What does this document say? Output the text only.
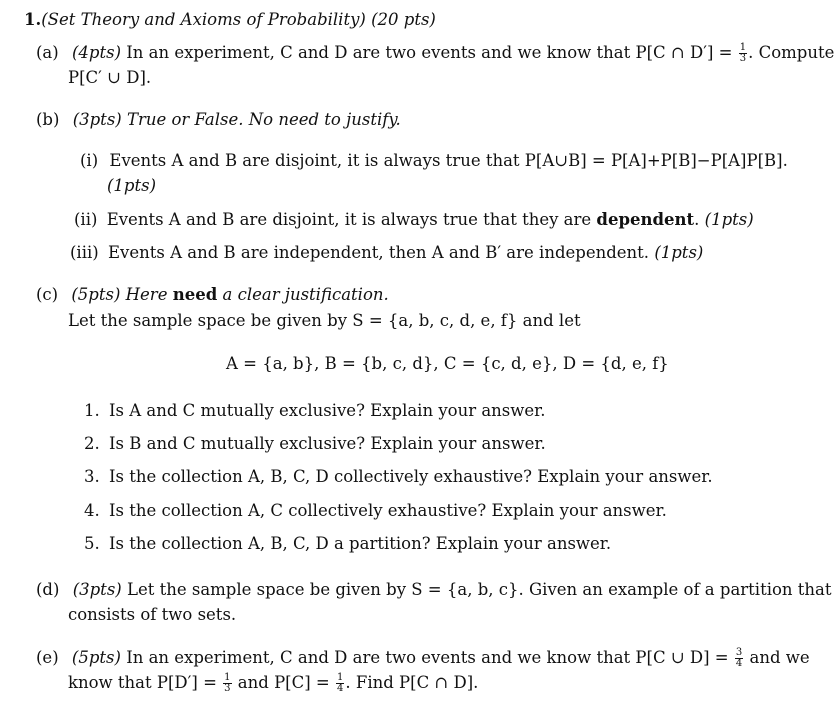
1.(Set Theory and Axioms of Probability) (20 pts)
(a) (4pts) In an experiment, C and D are two events and we know that P[C ∩ $D'] = \frac{1}{3}$ . Compute
P[C′ ∪ D].
(b) (3pts) True or False. No need to justify.
(i) Events A and B are disjoint, it is always true that P[A∪B] = P[A]+P[B]−P[A]P[B].
(1pts)
(ii) Events A and B are disjoint, it is always true that they are dependent. (1pts)
(iii) Events A and B are independent, then A and B′ are independent. (1pts)
(c) (5pts) Here need a clear justification.
Let the sample space be given by S = {a, b, c, d, e, f} and let
A = {a, b}, B = {b, c, d}, C = {c, d, e}, D = {d, e, f}
1. Is A and C mutually exclusive? Explain your answer.
2. Is B and C mutually exclusive? Explain your answer.
3. Is the collection A, B, C, D collectively exhaustive? Explain your answer.
4. Is the collection A, C collectively exhaustive? Explain your answer.
5. Is the collection A, B, C, D a partition? Explain your answer.
(d) (3pts) Let the sample space be given by S = {a, b, c}. Given an example of a partition that
consists of two sets.
(e) (5pts) In an experiment, C and D are two events and we know that P[C ∪ $D] = \frac{3}{4}$ and we
know that $P[D'] = \frac{1}{3}$ and $P[C] = \frac{1}{4}$ . Find P[C ∩ D].
